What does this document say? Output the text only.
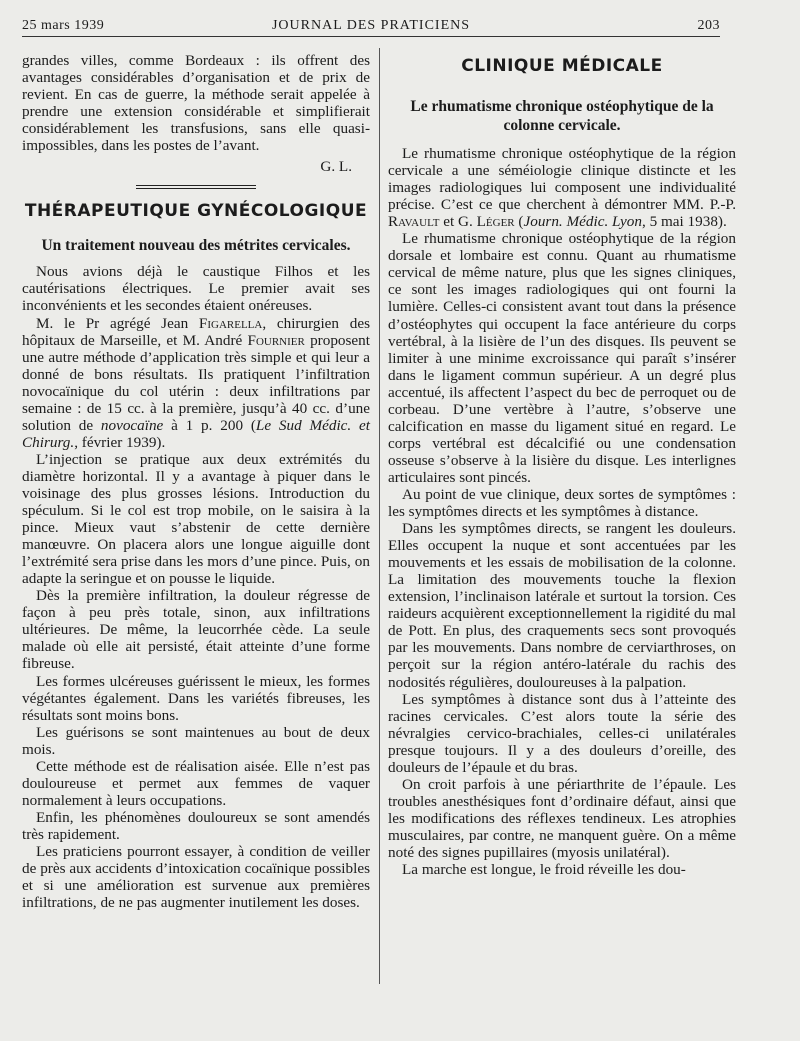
25 mars 1939	JOURNAL DES PRATICIENS	203

grandes villes, comme Bordeaux : ils offrent des avantages considérables d’organisation et de prix de revient. En cas de guerre, la méthode serait appelée à prendre une extension considérable et simplifierait considérablement les transfusions, sans elle quasi-impossibles, dans les postes de l’avant.

G. L.

THÉRAPEUTIQUE GYNÉCOLOGIQUE
Un traitement nouveau des métrites cervicales.

Nous avions déjà le caustique Filhos et les cautérisations électriques. Le premier avait ses inconvénients et les secondes étaient onéreuses.

M. le Pr agrégé Jean Figarella, chirurgien des hôpitaux de Marseille, et M. André Fournier proposent une autre méthode d’application très simple et qui leur a donné de bons résultats. Ils pratiquent l’infiltration novocaïnique du col utérin : deux infiltrations par semaine : de 15 cc. à la première, jusqu’à 40 cc. d’une solution de novocaïne à 1 p. 200 (Le Sud Médic. et Chirurg., février 1939).

L’injection se pratique aux deux extrémités du diamètre horizontal. Il y a avantage à piquer dans le voisinage des plus grosses lésions. Introduction du spéculum. Si le col est trop mobile, on le saisira à la pince. Mieux vaut s’abstenir de cette dernière manœuvre. On placera alors une longue aiguille dont l’extrémité sera prise dans les mors d’une pince. Puis, on adapte la seringue et on pousse le liquide.

Dès la première infiltration, la douleur régresse de façon à peu près totale, sinon, aux infiltrations ultérieures. De même, la leucorrhée cède. La seule malade où elle ait persisté, était atteinte d’une forme fibreuse.

Les formes ulcéreuses guérissent le mieux, les formes végétantes également. Dans les variétés fibreuses, les résultats sont moins bons.

Les guérisons se sont maintenues au bout de deux mois.

Cette méthode est de réalisation aisée. Elle n’est pas douloureuse et permet aux femmes de vaquer normalement à leurs occupations.

Enfin, les phénomènes douloureux se sont amendés très rapidement.

Les praticiens pourront essayer, à condition de veiller de près aux accidents d’intoxication cocaïnique possibles et si une amélioration est survenue aux premières infiltrations, de ne pas augmenter inutilement les doses.

CLINIQUE MÉDICALE
Le rhumatisme chronique ostéophytique de la colonne cervicale.

Le rhumatisme chronique ostéophytique de la région cervicale a une séméiologie clinique distincte et les images radiologiques lui composent une individualité précise. C’est ce que cherchent à démontrer MM. P.-P. Ravault et G. Léger (Journ. Médic. Lyon, 5 mai 1938).

Le rhumatisme chronique ostéophytique de la région dorsale et lombaire est connu. Quant au rhumatisme cervical de même nature, plus que les signes cliniques, ce sont les images radiologiques qui ont fourni la lumière. Celles-ci consistent avant tout dans la présence d’ostéophytes qui occupent la face antérieure du corps vertébral, à la lisière de l’un des disques. Ils peuvent se limiter à une minime excroissance qui paraît s’insérer dans le ligament commun supérieur. A un degré plus accentué, ils affectent l’aspect du bec de perroquet ou de corbeau. D’une vertèbre à l’autre, s’observe une calcification en masse du ligament situé en regard. Le corps vertébral est décalcifié ou une condensation osseuse s’observe à la lisière du disque. Les interlignes articulaires sont pincés.

Au point de vue clinique, deux sortes de symptômes : les symptômes directs et les symptômes à distance.

Dans les symptômes directs, se rangent les douleurs. Elles occupent la nuque et sont accentuées par les mouvements et les essais de mobilisation de la colonne. La limitation des mouvements touche la flexion extension, l’inclinaison latérale et surtout la torsion. Ces raideurs acquièrent exceptionnellement la rigidité du mal de Pott. En plus, des craquements secs sont provoqués par les mouvements. Dans nombre de cerviarthroses, on perçoit sur la région antéro-latérale du rachis des nodosités régulières, douloureuses à la palpation.

Les symptômes à distance sont dus à l’atteinte des racines cervicales. C’est alors toute la série des névralgies cervico-brachiales, celles-ci unilatérales presque toujours. Il y a des douleurs d’oreille, des douleurs de l’épaule et du bras.

On croit parfois à une périarthrite de l’épaule. Les troubles anesthésiques font d’ordinaire défaut, ainsi que les modifications des réflexes tendineux. Les atrophies musculaires, par contre, ne manquent guère. On a même noté des signes pupillaires (myosis unilatéral).

La marche est longue, le froid réveille les dou-
